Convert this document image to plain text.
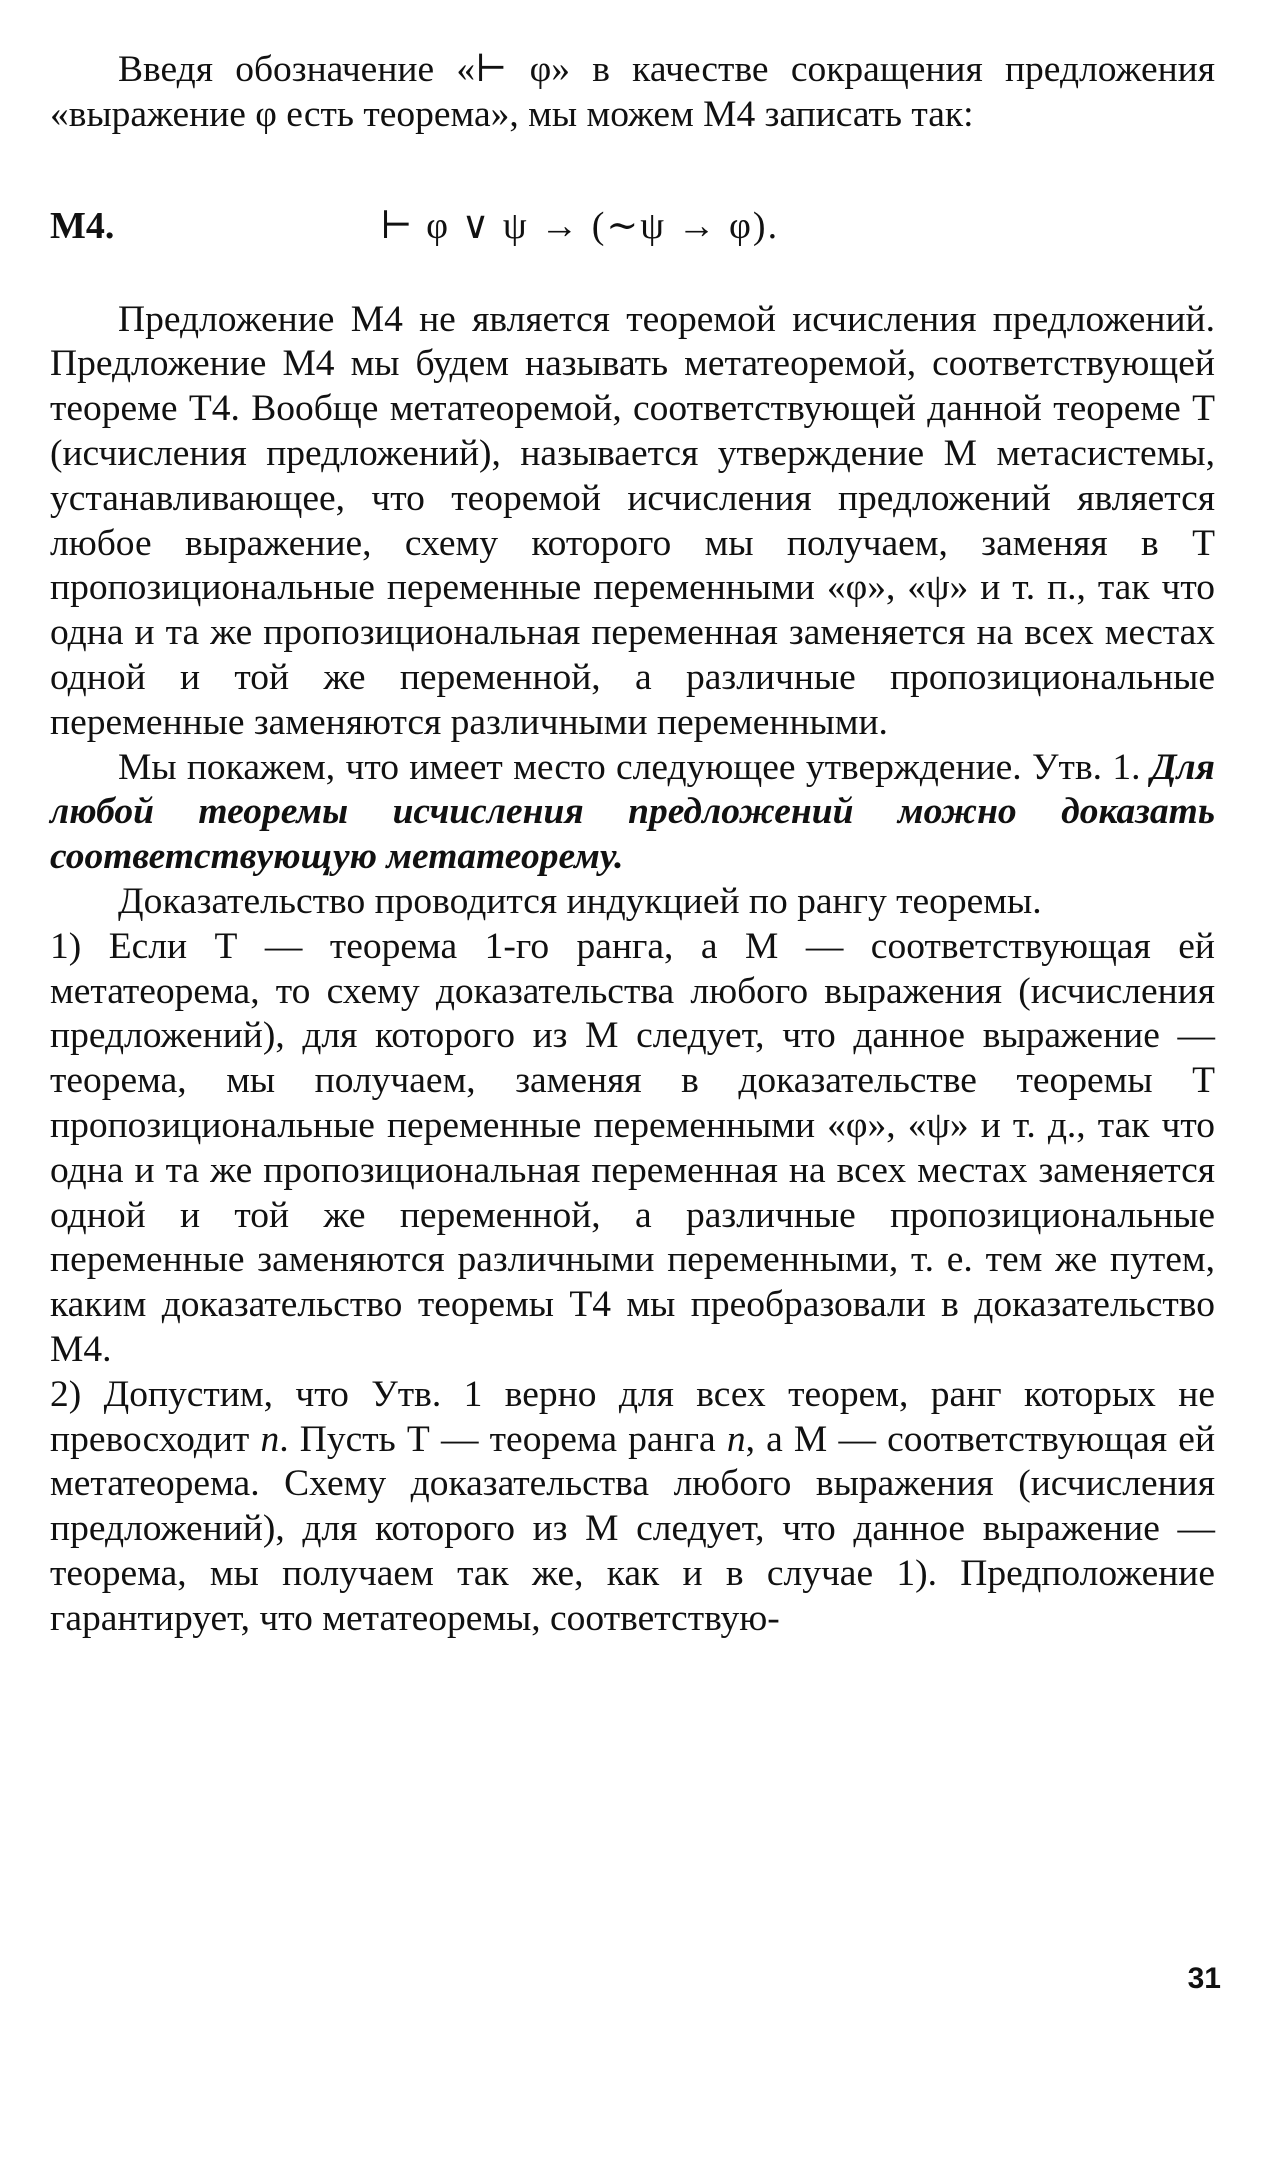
Введя обозначение «⊢ φ» в качестве сокращения предложения «выражение φ есть теорема», мы можем М4 записать так:

М4.	⊢ φ ∨ ψ → (∼ψ → φ).

Предложение М4 не является теоремой исчисления предложений. Предложение М4 мы будем называть метатеоремой, соответствующей теореме Т4. Вообще метатеоремой, соответствующей данной теореме Т (исчисления предложений), называется утверждение М метасистемы, устанавливающее, что теоремой исчисления предложений является любое выражение, схему которого мы получаем, заменяя в Т пропозициональные переменные переменными «φ», «ψ» и т. п., так что одна и та же пропозициональная переменная заменяется на всех местах одной и той же переменной, а различные пропозициональные переменные заменяются различными переменными.

Мы покажем, что имеет место следующее утверждение. Утв. 1. Для любой теоремы исчисления предложений можно доказать соответствующую метатеорему.

Доказательство проводится индукцией по рангу теоремы.

1) Если Т — теорема 1-го ранга, а М — соответствующая ей метатеорема, то схему доказательства любого выражения (исчисления предложений), для которого из М следует, что данное выражение — теорема, мы получаем, заменяя в доказательстве теоремы Т пропозициональные переменные переменными «φ», «ψ» и т. д., так что одна и та же пропозициональная переменная на всех местах заменяется одной и той же переменной, а различные пропозициональные переменные заменяются различными переменными, т. е. тем же путем, каким доказательство теоремы Т4 мы преобразовали в доказательство М4.

2) Допустим, что Утв. 1 верно для всех теорем, ранг которых не превосходит n. Пусть Т — теорема ранга n, а М — соответствующая ей метатеорема. Схему доказательства любого выражения (исчисления предложений), для которого из М следует, что данное выражение — теорема, мы получаем так же, как и в случае 1). Предположение гарантирует, что метатеоремы, соответствую-

31
